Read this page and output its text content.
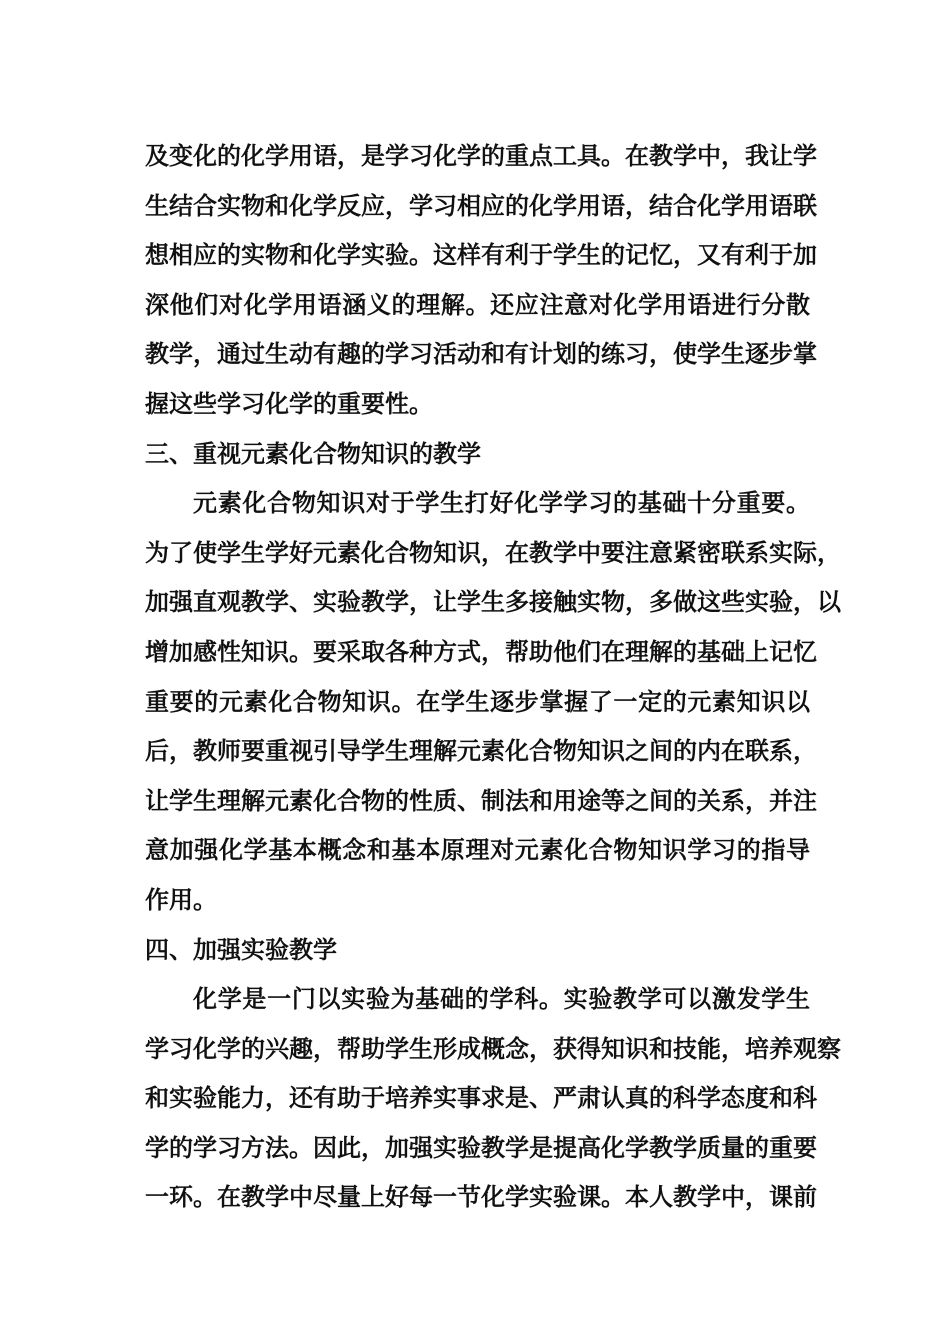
及变化的化学用语，是学习化学的重点工具。在教学中，我让学
生结合实物和化学反应，学习相应的化学用语，结合化学用语联
想相应的实物和化学实验。这样有利于学生的记忆，又有利于加
深他们对化学用语涵义的理解。还应注意对化学用语进行分散
教学，通过生动有趣的学习活动和有计划的练习，使学生逐步掌
握这些学习化学的重要性。
三、重视元素化合物知识的教学
元素化合物知识对于学生打好化学学习的基础十分重要。
为了使学生学好元素化合物知识，在教学中要注意紧密联系实际，
加强直观教学、实验教学，让学生多接触实物，多做这些实验，以
增加感性知识。要采取各种方式，帮助他们在理解的基础上记忆
重要的元素化合物知识。在学生逐步掌握了一定的元素知识以
后，教师要重视引导学生理解元素化合物知识之间的内在联系，
让学生理解元素化合物的性质、制法和用途等之间的关系，并注
意加强化学基本概念和基本原理对元素化合物知识学习的指导
作用。
四、加强实验教学
化学是一门以实验为基础的学科。实验教学可以激发学生
学习化学的兴趣，帮助学生形成概念，获得知识和技能，培养观察
和实验能力，还有助于培养实事求是、严肃认真的科学态度和科
学的学习方法。因此，加强实验教学是提高化学教学质量的重要
一环。在教学中尽量上好每一节化学实验课。本人教学中，课前
